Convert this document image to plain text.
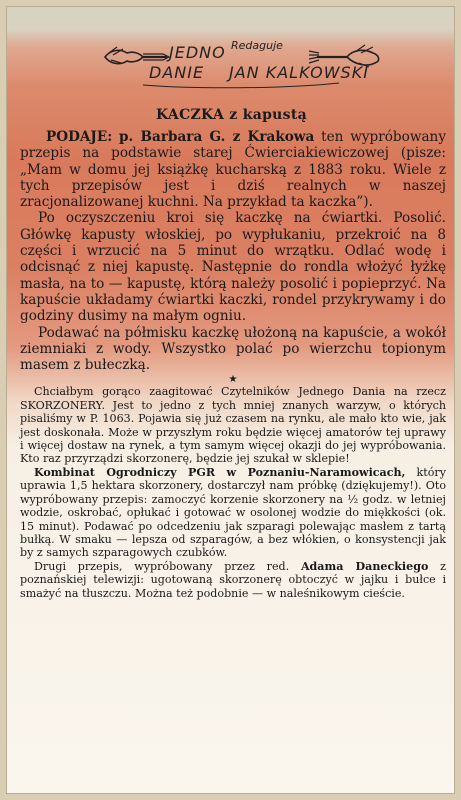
JEDNO Redaguje
DANIE JAN KALKOWSKI
KACZKA z kapustą

PODAJE: p. Barbara G. z Krakowa ten wypróbowany przepis na podstawie starej Ćwierciakiewiczowej (pisze: „Mam w domu jej książkę kucharską z 1883 roku. Wiele z tych przepisów jest i dziś realnych w naszej zracjonalizowanej kuchni. Na przykład ta kaczka”).

Po oczyszczeniu kroi się kaczkę na ćwiartki. Posolić. Główkę kapusty włoskiej, po wypłukaniu, przekroić na 8 części i wrzucić na 5 minut do wrzątku. Odlać wodę i odcisnąć z niej kapustę. Następnie do rondla włożyć łyżkę masła, na to — kapustę, którą należy posolić i popieprzyć. Na kapuście układamy ćwiartki kaczki, rondel przykrywamy i do godziny dusimy na małym ogniu.

Podawać na półmisku kaczkę ułożoną na kapuście, a wokół ziemniaki z wody. Wszystko polać po wierzchu topionym masem z bułeczką.

★

Chciałbym gorąco zaagitować Czytelników Jednego Dania na rzecz SKORZONERY. Jest to jedno z tych mniej znanych warzyw, o których pisaliśmy w P. 1063. Pojawia się już czasem na rynku, ale mało kto wie, jak jest doskonała. Może w przyszłym roku będzie więcej amatorów tej uprawy i więcej dostaw na rynek, a tym samym więcej okazji do jej wypróbowania. Kto raz przyrządzi skorzonerę, będzie jej szukał w sklepie!

Kombinat Ogrodniczy PGR w Poznaniu-Naramowicach, który uprawia 1,5 hektara skorzonery, dostarczył nam próbkę (dziękujemy!). Oto wypróbowany przepis: zamoczyć korzenie skorzonery na ½ godz. w letniej wodzie, oskrobać, opłukać i gotować w osolonej wodzie do miękkości (ok. 15 minut). Podawać po odcedzeniu jak szparagi polewając masłem z tartą bułką. W smaku — lepsza od szparagów, a bez włókien, o konsystencji jak by z samych szparagowych czubków.

Drugi przepis, wypróbowany przez red. Adama Daneckiego z poznańskiej telewizji: ugotowaną skorzonerę obtoczyć w jajku i bułce i smażyć na tłuszczu. Można też podobnie — w naleśnikowym cieście.
